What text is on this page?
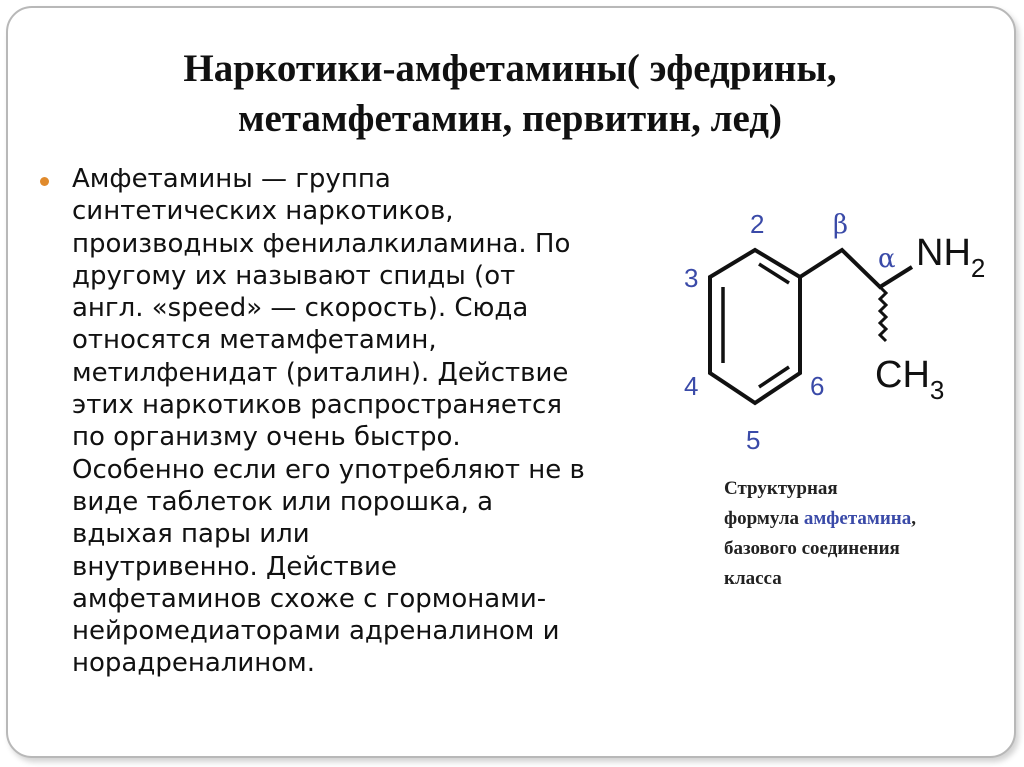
Наркотики-амфетамины( эфедрины,
метамфетамин, первитин, лед)
Амфетамины — группа
синтетических наркотиков,
производных фенилалкиламина. По
другому их называют спиды (от
англ. «speed» — скорость). Сюда
относятся метамфетамин,
метилфенидат (риталин). Действие
этих наркотиков распространяется
по организму очень быстро.
Особенно если его употребляют не в
виде таблеток или порошка, а
вдыхая пары или
внутривенно. Действие
амфетаминов схоже с гормонами-
нейромедиаторами адреналином и
норадреналином.
2
3
4
5
6
β
α $NH_2$
$CH_3$
Структурная
формула амфетамина,
базового соединения
класса
